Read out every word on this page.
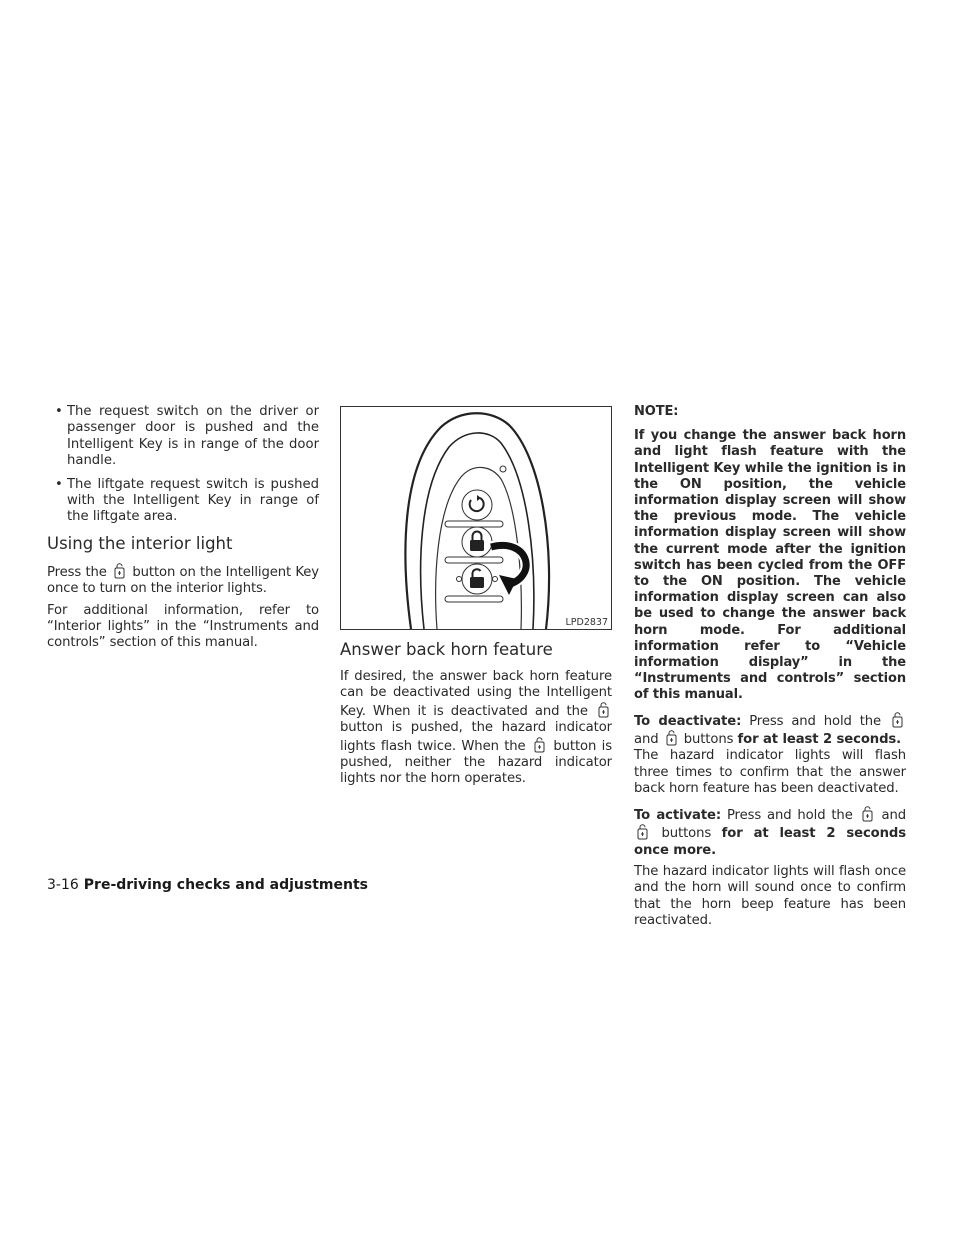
• The request switch on the driver or passenger door is pushed and the Intelligent Key is in range of the door handle.
• The liftgate request switch is pushed with the Intelligent Key in range of the liftgate area.
Using the interior light

Press the button on the Intelligent Key once to turn on the interior lights.

For additional information, refer to “Interior lights” in the “Instruments and controls” section of this manual.

LPD2837
Answer back horn feature

If desired, the answer back horn feature can be deactivated using the Intelligent Key. When it is deactivated and the
button is pushed, the hazard indicator lights flash twice. When the button is pushed, neither the hazard indicator lights nor the horn operates.

NOTE:

If you change the answer back horn and light flash feature with the Intelligent Key while the ignition is in the ON position, the vehicle information display screen will show the previous mode. The vehicle information display screen will show the current mode after the ignition switch has been cycled from the OFF to the ON position. The vehicle information display screen can also be used to change the answer back horn mode. For additional information refer to “Vehicle information display” in the “Instruments and controls” section of this manual.

To deactivate: Press and hold the
and buttons for at least 2 seconds.

The hazard indicator lights will flash three times to confirm that the answer back horn feature has been deactivated.

To activate: Press and hold the and
buttons for at least 2 seconds once more.

The hazard indicator lights will flash once and the horn will sound once to confirm that the horn beep feature has been reactivated.

3-16 Pre-driving checks and adjustments
